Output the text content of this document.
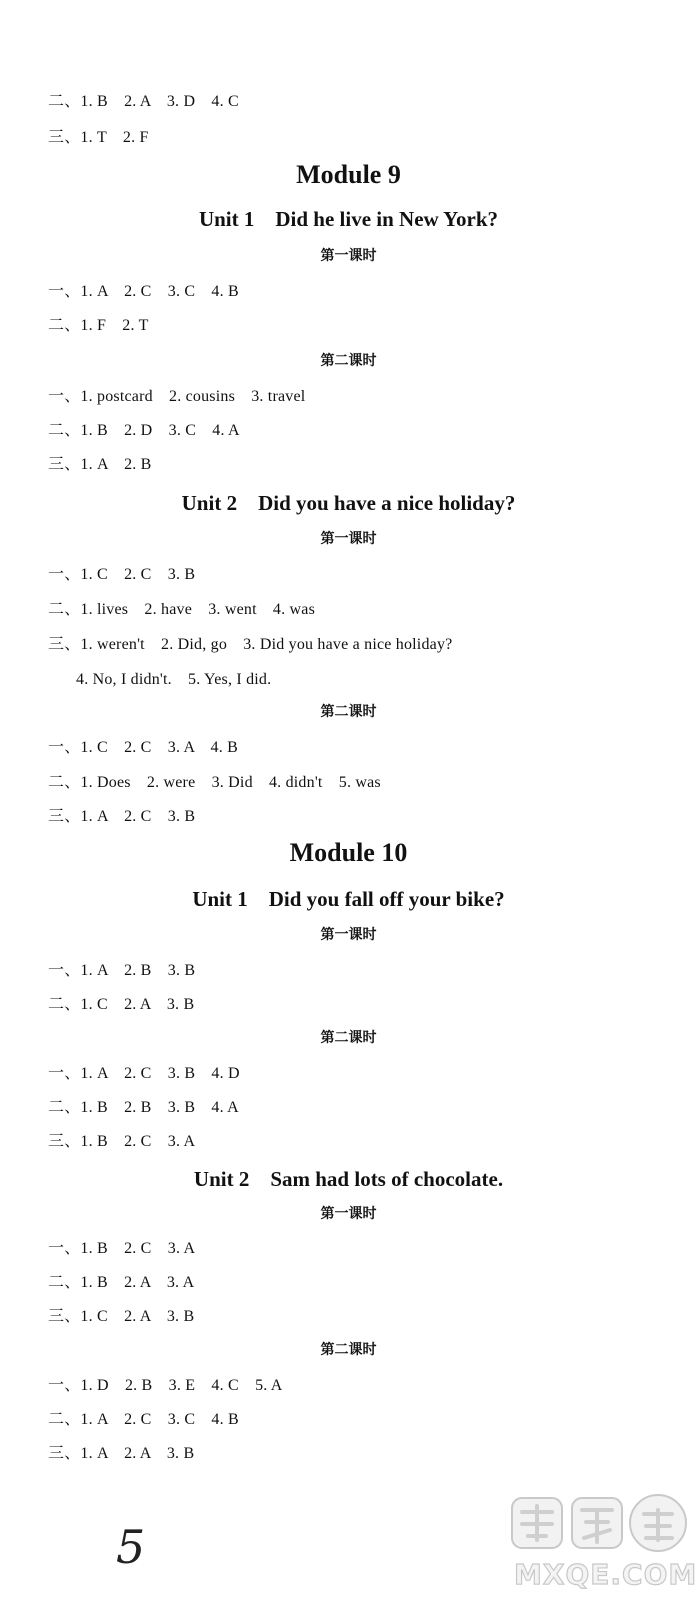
二、1. B　2. A　3. D　4. C
三、1. T　2. F
Module 9
Unit 1　Did he live in New York?
第一课时
一、1. A　2. C　3. C　4. B
二、1. F　2. T
第二课时
一、1. postcard　2. cousins　3. travel
二、1. B　2. D　3. C　4. A
三、1. A　2. B
Unit 2　Did you have a nice holiday?
第一课时
一、1. C　2. C　3. B
二、1. lives　2. have　3. went　4. was
三、1. weren't　2. Did, go　3. Did you have a nice holiday?
4. No, I didn't.　5. Yes, I did.
第二课时
一、1. C　2. C　3. A　4. B
二、1. Does　2. were　3. Did　4. didn't　5. was
三、1. A　2. C　3. B
Module 10
Unit 1　Did you fall off your bike?
第一课时
一、1. A　2. B　3. B
二、1. C　2. A　3. B
第二课时
一、1. A　2. C　3. B　4. D
二、1. B　2. B　3. B　4. A
三、1. B　2. C　3. A
Unit 2　Sam had lots of chocolate.
第一课时
一、1. B　2. C　3. A
二、1. B　2. A　3. A
三、1. C　2. A　3. B
第二课时
一、1. D　2. B　3. E　4. C　5. A
二、1. A　2. C　3. C　4. B
三、1. A　2. A　3. B
5
MXQE.COM
